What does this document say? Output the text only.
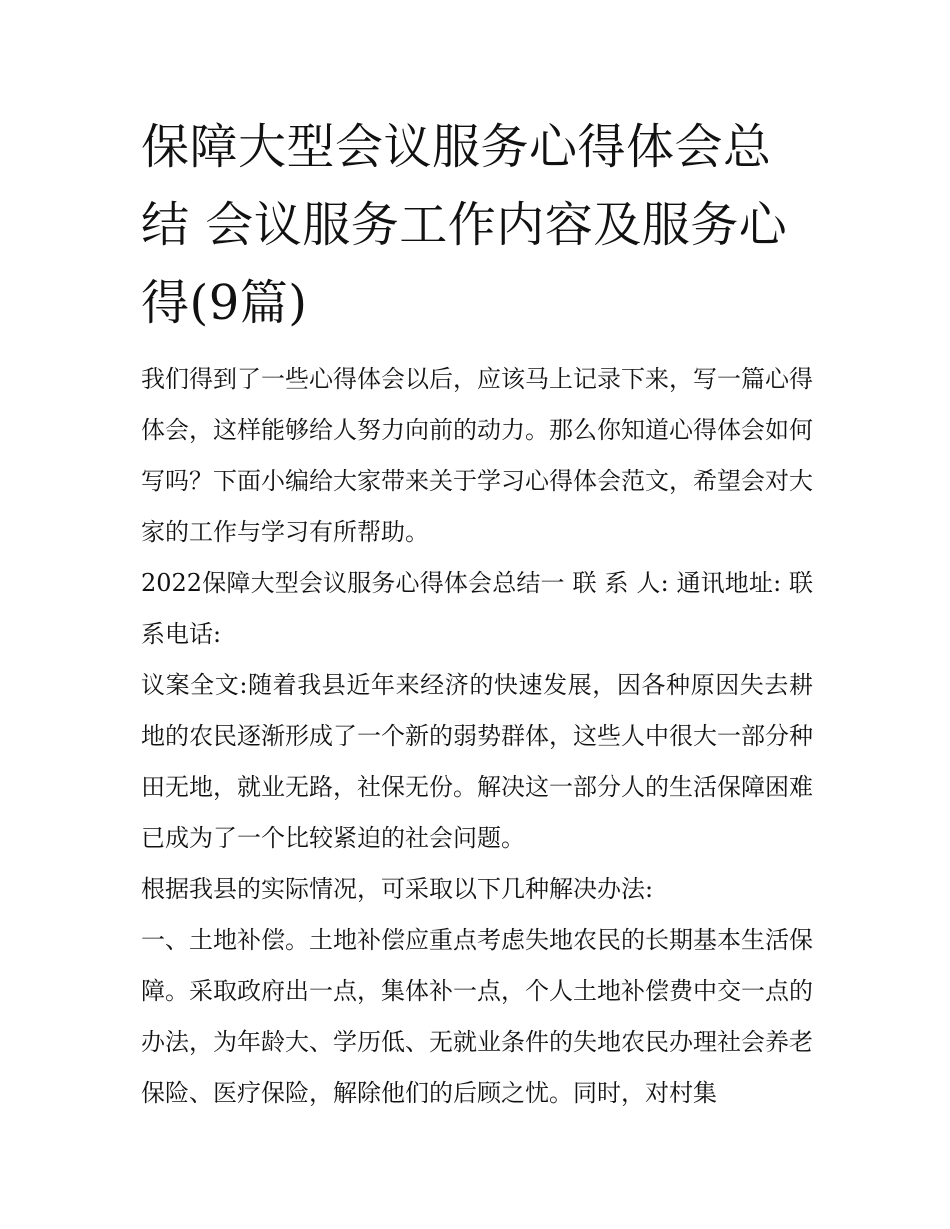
保障大型会议服务心得体会总结 会议服务工作内容及服务心得(9篇)

我们得到了一些心得体会以后，应该马上记录下来，写一篇心得体会，这样能够给人努力向前的动力。那么你知道心得体会如何写吗？下面小编给大家带来关于学习心得体会范文，希望会对大家的工作与学习有所帮助。

2022保障大型会议服务心得体会总结一 联 系 人: 通讯地址: 联系电话:

议案全文:随着我县近年来经济的快速发展，因各种原因失去耕地的农民逐渐形成了一个新的弱势群体，这些人中很大一部分种田无地，就业无路，社保无份。解决这一部分人的生活保障困难已成为了一个比较紧迫的社会问题。

根据我县的实际情况，可采取以下几种解决办法:

一、土地补偿。土地补偿应重点考虑失地农民的长期基本生活保障。采取政府出一点，集体补一点，个人土地补偿费中交一点的办法，为年龄大、学历低、无就业条件的失地农民办理社会养老保险、医疗保险，解除他们的后顾之忧。同时，对村集
